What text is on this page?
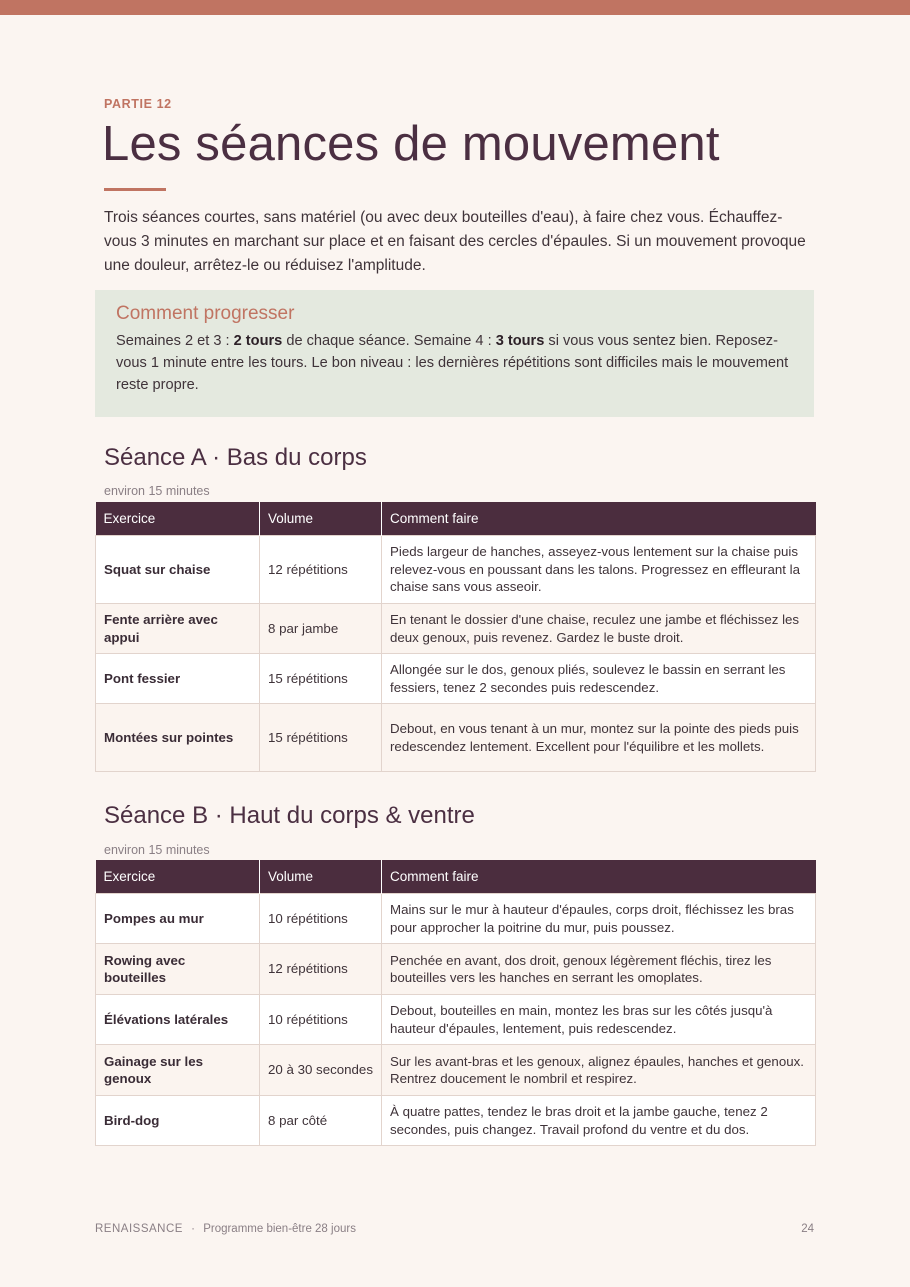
PARTIE 12
Les séances de mouvement

Trois séances courtes, sans matériel (ou avec deux bouteilles d'eau), à faire chez vous. Échauffez-vous 3 minutes en marchant sur place et en faisant des cercles d'épaules. Si un mouvement provoque une douleur, arrêtez-le ou réduisez l'amplitude.

Comment progresser

Semaines 2 et 3 : 2 tours de chaque séance. Semaine 4 : 3 tours si vous vous sentez bien. Reposez-vous 1 minute entre les tours. Le bon niveau : les dernières répétitions sont difficiles mais le mouvement reste propre.

Séance A · Bas du corps
environ 15 minutes
Exercice	Volume	Comment faire
Squat sur chaise	12 répétitions	Pieds largeur de hanches, asseyez-vous lentement sur la chaise puis relevez-vous en poussant dans les talons. Progressez en effleurant la chaise sans vous asseoir.
Fente arrière avec appui	8 par jambe	En tenant le dossier d'une chaise, reculez une jambe et fléchissez les deux genoux, puis revenez. Gardez le buste droit.
Pont fessier	15 répétitions	Allongée sur le dos, genoux pliés, soulevez le bassin en serrant les fessiers, tenez 2 secondes puis redescendez.
Montées sur pointes	15 répétitions	Debout, en vous tenant à un mur, montez sur la pointe des pieds puis redescendez lentement. Excellent pour l'équilibre et les mollets.
Séance B · Haut du corps & ventre
environ 15 minutes
Exercice	Volume	Comment faire
Pompes au mur	10 répétitions	Mains sur le mur à hauteur d'épaules, corps droit, fléchissez les bras pour approcher la poitrine du mur, puis poussez.
Rowing avec bouteilles	12 répétitions	Penchée en avant, dos droit, genoux légèrement fléchis, tirez les bouteilles vers les hanches en serrant les omoplates.
Élévations latérales	10 répétitions	Debout, bouteilles en main, montez les bras sur les côtés jusqu'à hauteur d'épaules, lentement, puis redescendez.
Gainage sur les genoux	20 à 30 secondes	Sur les avant-bras et les genoux, alignez épaules, hanches et genoux. Rentrez doucement le nombril et respirez.
Bird-dog	8 par côté	À quatre pattes, tendez le bras droit et la jambe gauche, tenez 2 secondes, puis changez. Travail profond du ventre et du dos.
RENAISSANCE · Programme bien-être 28 jours	24
